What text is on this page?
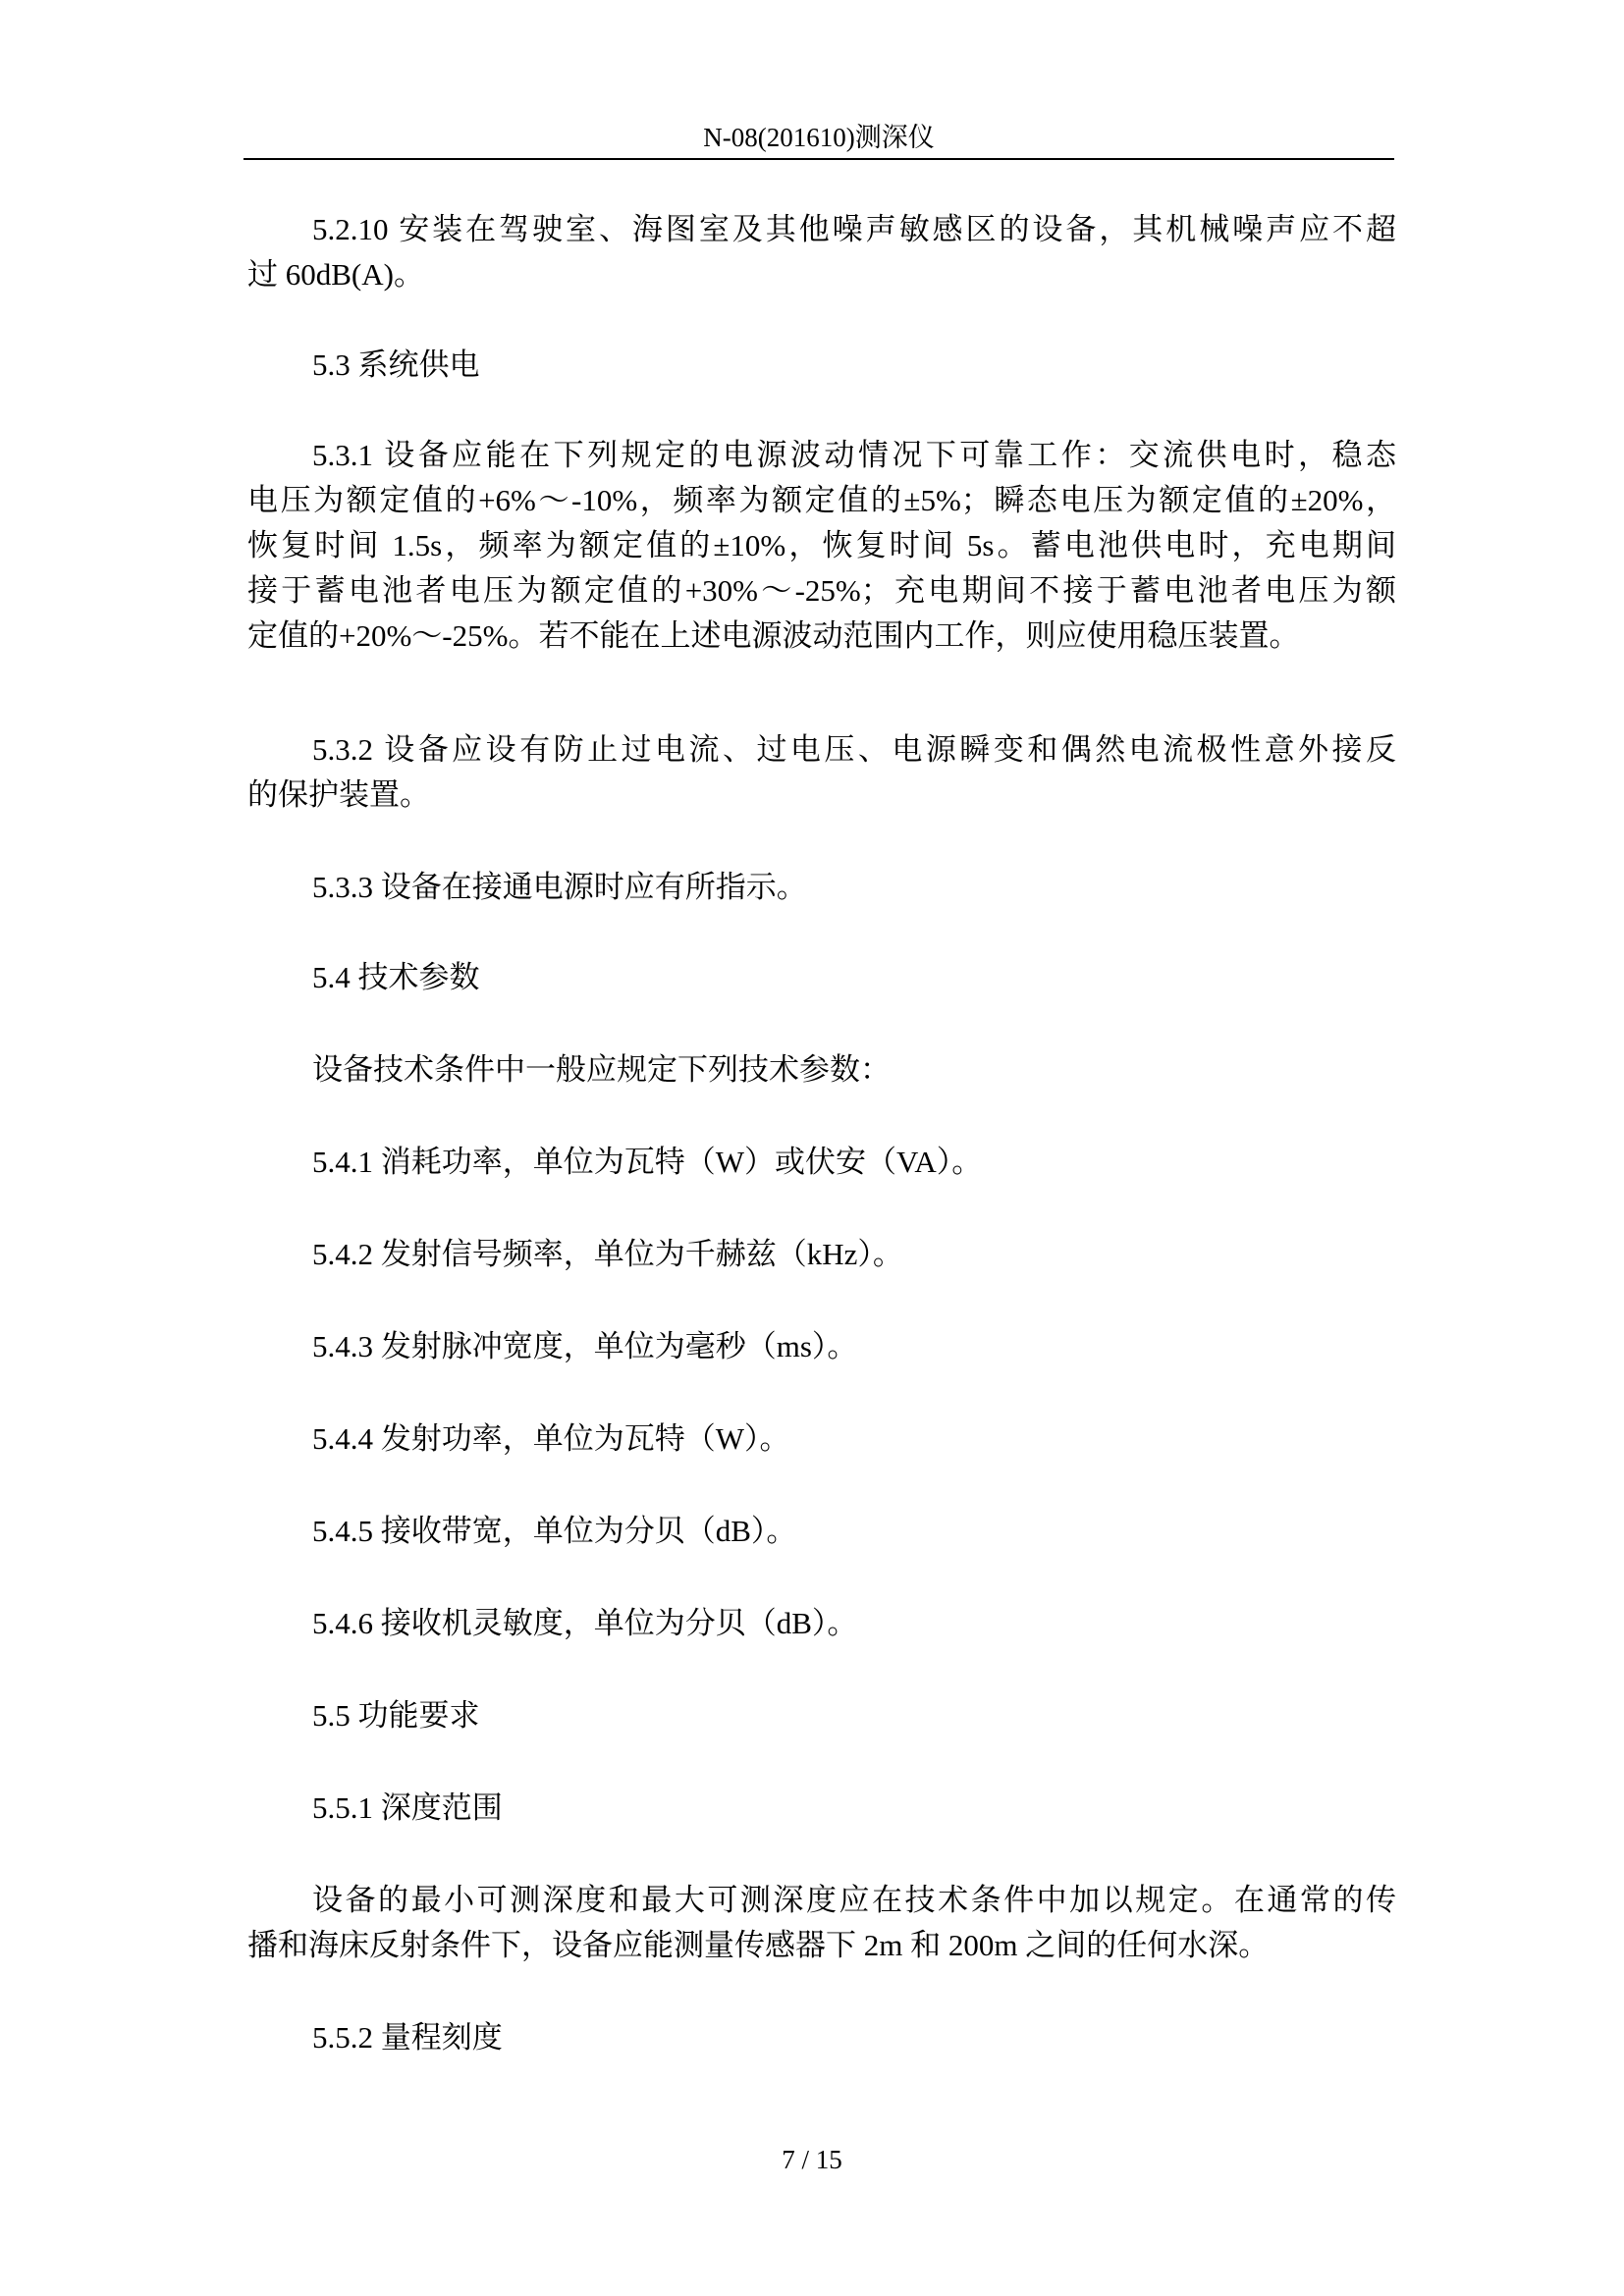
N-08(201610)测深仪
5.2.10 安装在驾驶室、海图室及其他噪声敏感区的设备，其机械噪声应不超
过 60dB(A)。
5.3 系统供电
5.3.1 设备应能在下列规定的电源波动情况下可靠工作：交流供电时，稳态
电压为额定值的+6%～-10%，频率为额定值的±5%；瞬态电压为额定值的±20%，
恢复时间 1.5s，频率为额定值的±10%，恢复时间 5s。蓄电池供电时，充电期间
接于蓄电池者电压为额定值的+30%～-25%；充电期间不接于蓄电池者电压为额
定值的+20%～-25%。若不能在上述电源波动范围内工作，则应使用稳压装置。
5.3.2 设备应设有防止过电流、过电压、电源瞬变和偶然电流极性意外接反
的保护装置。
5.3.3 设备在接通电源时应有所指示。
5.4 技术参数
设备技术条件中一般应规定下列技术参数：
5.4.1 消耗功率，单位为瓦特（W）或伏安（VA）。
5.4.2 发射信号频率，单位为千赫兹（kHz）。
5.4.3 发射脉冲宽度，单位为毫秒（ms）。
5.4.4 发射功率，单位为瓦特（W）。
5.4.5 接收带宽，单位为分贝（dB）。
5.4.6 接收机灵敏度，单位为分贝（dB）。
5.5 功能要求
5.5.1 深度范围
设备的最小可测深度和最大可测深度应在技术条件中加以规定。在通常的传
播和海床反射条件下，设备应能测量传感器下 2m 和 200m 之间的任何水深。
5.5.2 量程刻度
7 / 15
